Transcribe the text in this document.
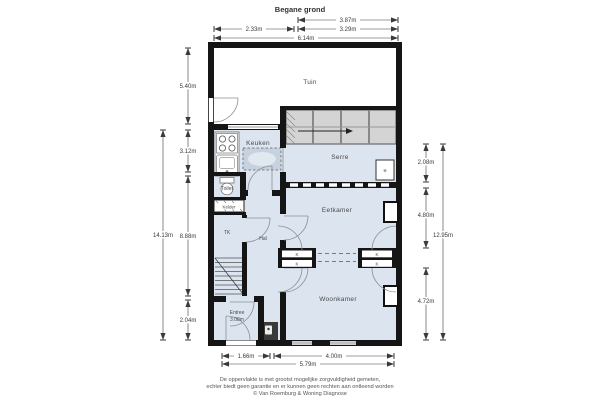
Begane grond
✳
K
K
K
K
Tuin
Keuken
Serre
Eetkamer
Woonkamer
Toilet
Kelder
TK
Hal
Entree
3.08m
3.87m
2.33m	3.29m
6.14m
5.40m
3.12m
8.88m
2.04m
14.13m
2.08m
4.80m
4.72m
12.95m
1.66m	4.00m
5.79m
De oppervlakte is met grootst mogelijke zorgvuldigheid gemeten,
echter biedt geen garantie en er kunnen geen rechten aan ontleend worden
© Van Roemburg & Woning Diagnose
